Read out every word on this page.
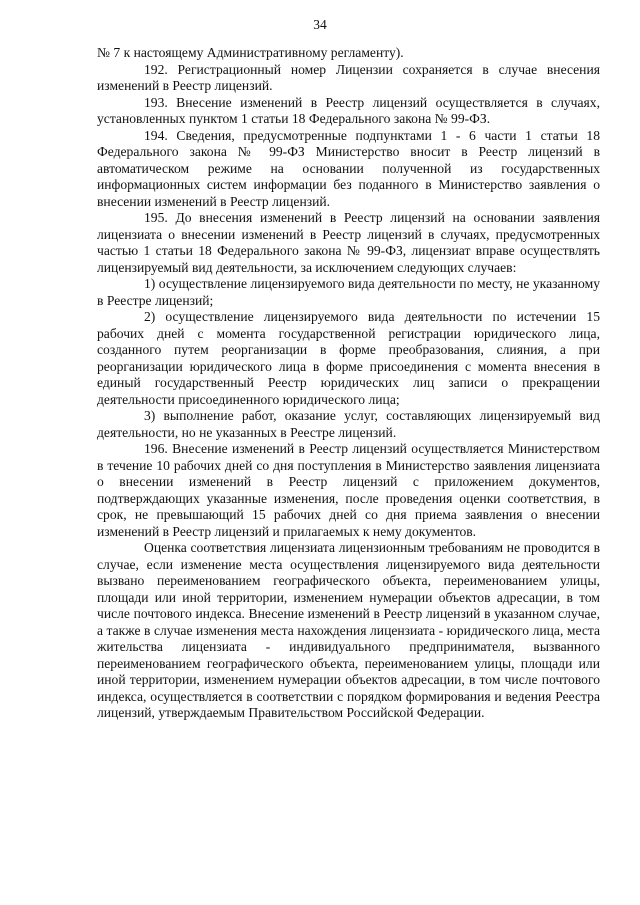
34

№ 7 к настоящему Административному регламенту).

192. Регистрационный номер Лицензии сохраняется в случае внесения изменений в Реестр лицензий.

193. Внесение изменений в Реестр лицензий осуществляется в случаях, установленных пунктом 1 статьи 18 Федерального закона № 99-ФЗ.

194. Сведения, предусмотренные подпунктами 1 - 6 части 1 статьи 18 Федерального закона № 99-ФЗ Министерство вносит в Реестр лицензий в автоматическом режиме на основании полученной из государственных информационных систем информации без поданного в Министерство заявления о внесении изменений в Реестр лицензий.

195. До внесения изменений в Реестр лицензий на основании заявления лицензиата о внесении изменений в Реестр лицензий в случаях, предусмотренных частью 1 статьи 18 Федерального закона № 99-ФЗ, лицензиат вправе осуществлять лицензируемый вид деятельности, за исключением следующих случаев:

1) осуществление лицензируемого вида деятельности по месту, не указанному в Реестре лицензий;

2) осуществление лицензируемого вида деятельности по истечении 15 рабочих дней с момента государственной регистрации юридического лица, созданного путем реорганизации в форме преобразования, слияния, а при реорганизации юридического лица в форме присоединения с момента внесения в единый государственный Реестр юридических лиц записи о прекращении деятельности присоединенного юридического лица;

3) выполнение работ, оказание услуг, составляющих лицензируемый вид деятельности, но не указанных в Реестре лицензий.

196. Внесение изменений в Реестр лицензий осуществляется Министерством в течение 10 рабочих дней со дня поступления в Министерство заявления лицензиата о внесении изменений в Реестр лицензий с приложением документов, подтверждающих указанные изменения, после проведения оценки соответствия, в срок, не превышающий 15 рабочих дней со дня приема заявления о внесении изменений в Реестр лицензий и прилагаемых к нему документов.

Оценка соответствия лицензиата лицензионным требованиям не проводится в случае, если изменение места осуществления лицензируемого вида деятельности вызвано переименованием географического объекта, переименованием улицы, площади или иной территории, изменением нумерации объектов адресации, в том числе почтового индекса. Внесение изменений в Реестр лицензий в указанном случае, а также в случае изменения места нахождения лицензиата - юридического лица, места жительства лицензиата - индивидуального предпринимателя, вызванного переименованием географического объекта, переименованием улицы, площади или иной территории, изменением нумерации объектов адресации, в том числе почтового индекса, осуществляется в соответствии с порядком формирования и ведения Реестра лицензий, утверждаемым Правительством Российской Федерации.
